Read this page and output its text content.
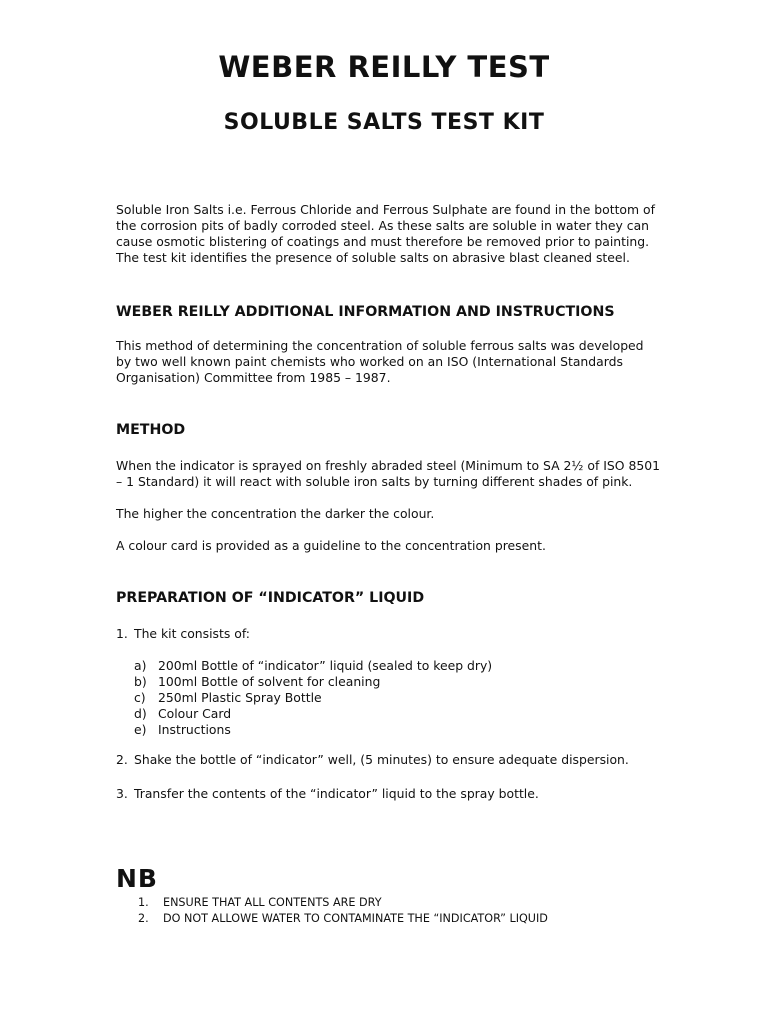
WEBER REILLY TEST
SOLUBLE SALTS TEST KIT

Soluble Iron Salts i.e. Ferrous Chloride and Ferrous Sulphate are found in the bottom of

the corrosion pits of badly corroded steel. As these salts are soluble in water they can

cause osmotic blistering of coatings and must therefore be removed prior to painting.

The test kit identifies the presence of soluble salts on abrasive blast cleaned steel.

WEBER REILLY ADDITIONAL INFORMATION AND INSTRUCTIONS

This method of determining the concentration of soluble ferrous salts was developed

by two well known paint chemists who worked on an ISO (International Standards

Organisation) Committee from 1985 – 1987.

METHOD

When the indicator is sprayed on freshly abraded steel (Minimum to SA 2½ of ISO 8501

– 1 Standard) it will react with soluble iron salts by turning different shades of pink.

The higher the concentration the darker the colour.

A colour card is provided as a guideline to the concentration present.

PREPARATION OF “INDICATOR” LIQUID

1. The kit consists of:

a) 200ml Bottle of “indicator” liquid (sealed to keep dry)

b) 100ml Bottle of solvent for cleaning

c) 250ml Plastic Spray Bottle

d) Colour Card

e) Instructions

2. Shake the bottle of “indicator” well, (5 minutes) to ensure adequate dispersion.

3. Transfer the contents of the “indicator” liquid to the spray bottle.

NB

1. ENSURE THAT ALL CONTENTS ARE DRY

2. DO NOT ALLOWE WATER TO CONTAMINATE THE “INDICATOR” LIQUID
